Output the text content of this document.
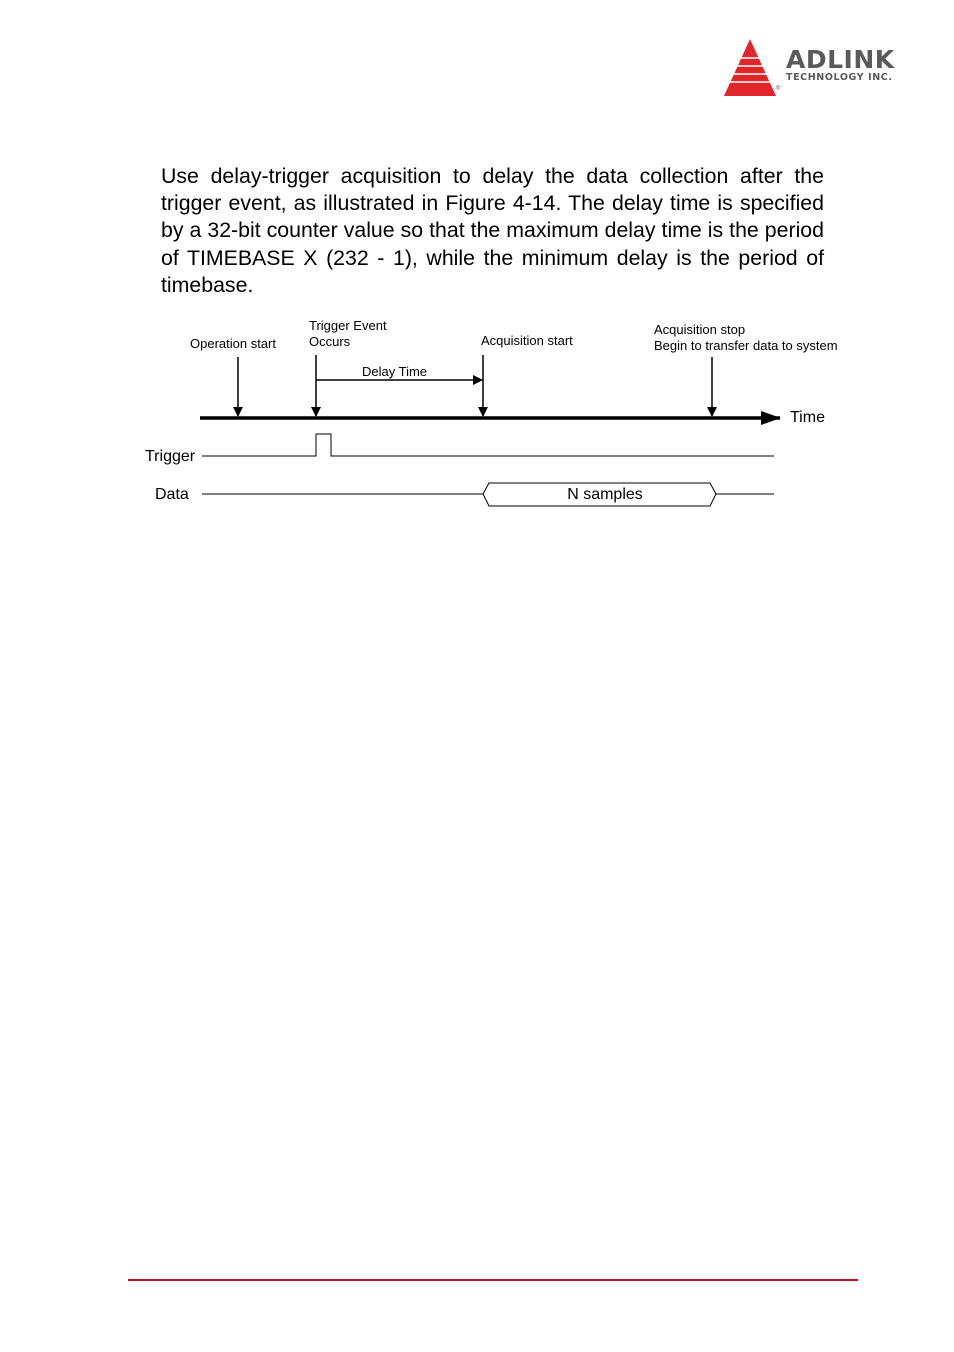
ADLINK
TECHNOLOGY INC.
®

Use delay-trigger acquisition to delay the data collection after the trigger event, as illustrated in Figure 4-14. The delay time is specified by a 32-bit counter value so that the maximum delay time is the period of TIMEBASE X (232 - 1), while the minimum delay is the period of timebase.

Operation start
Trigger Event
Occurs	Acquisition start
Acquisition stop
Begin to transfer data to system
Delay Time
Time
Trigger
Data	N samples
